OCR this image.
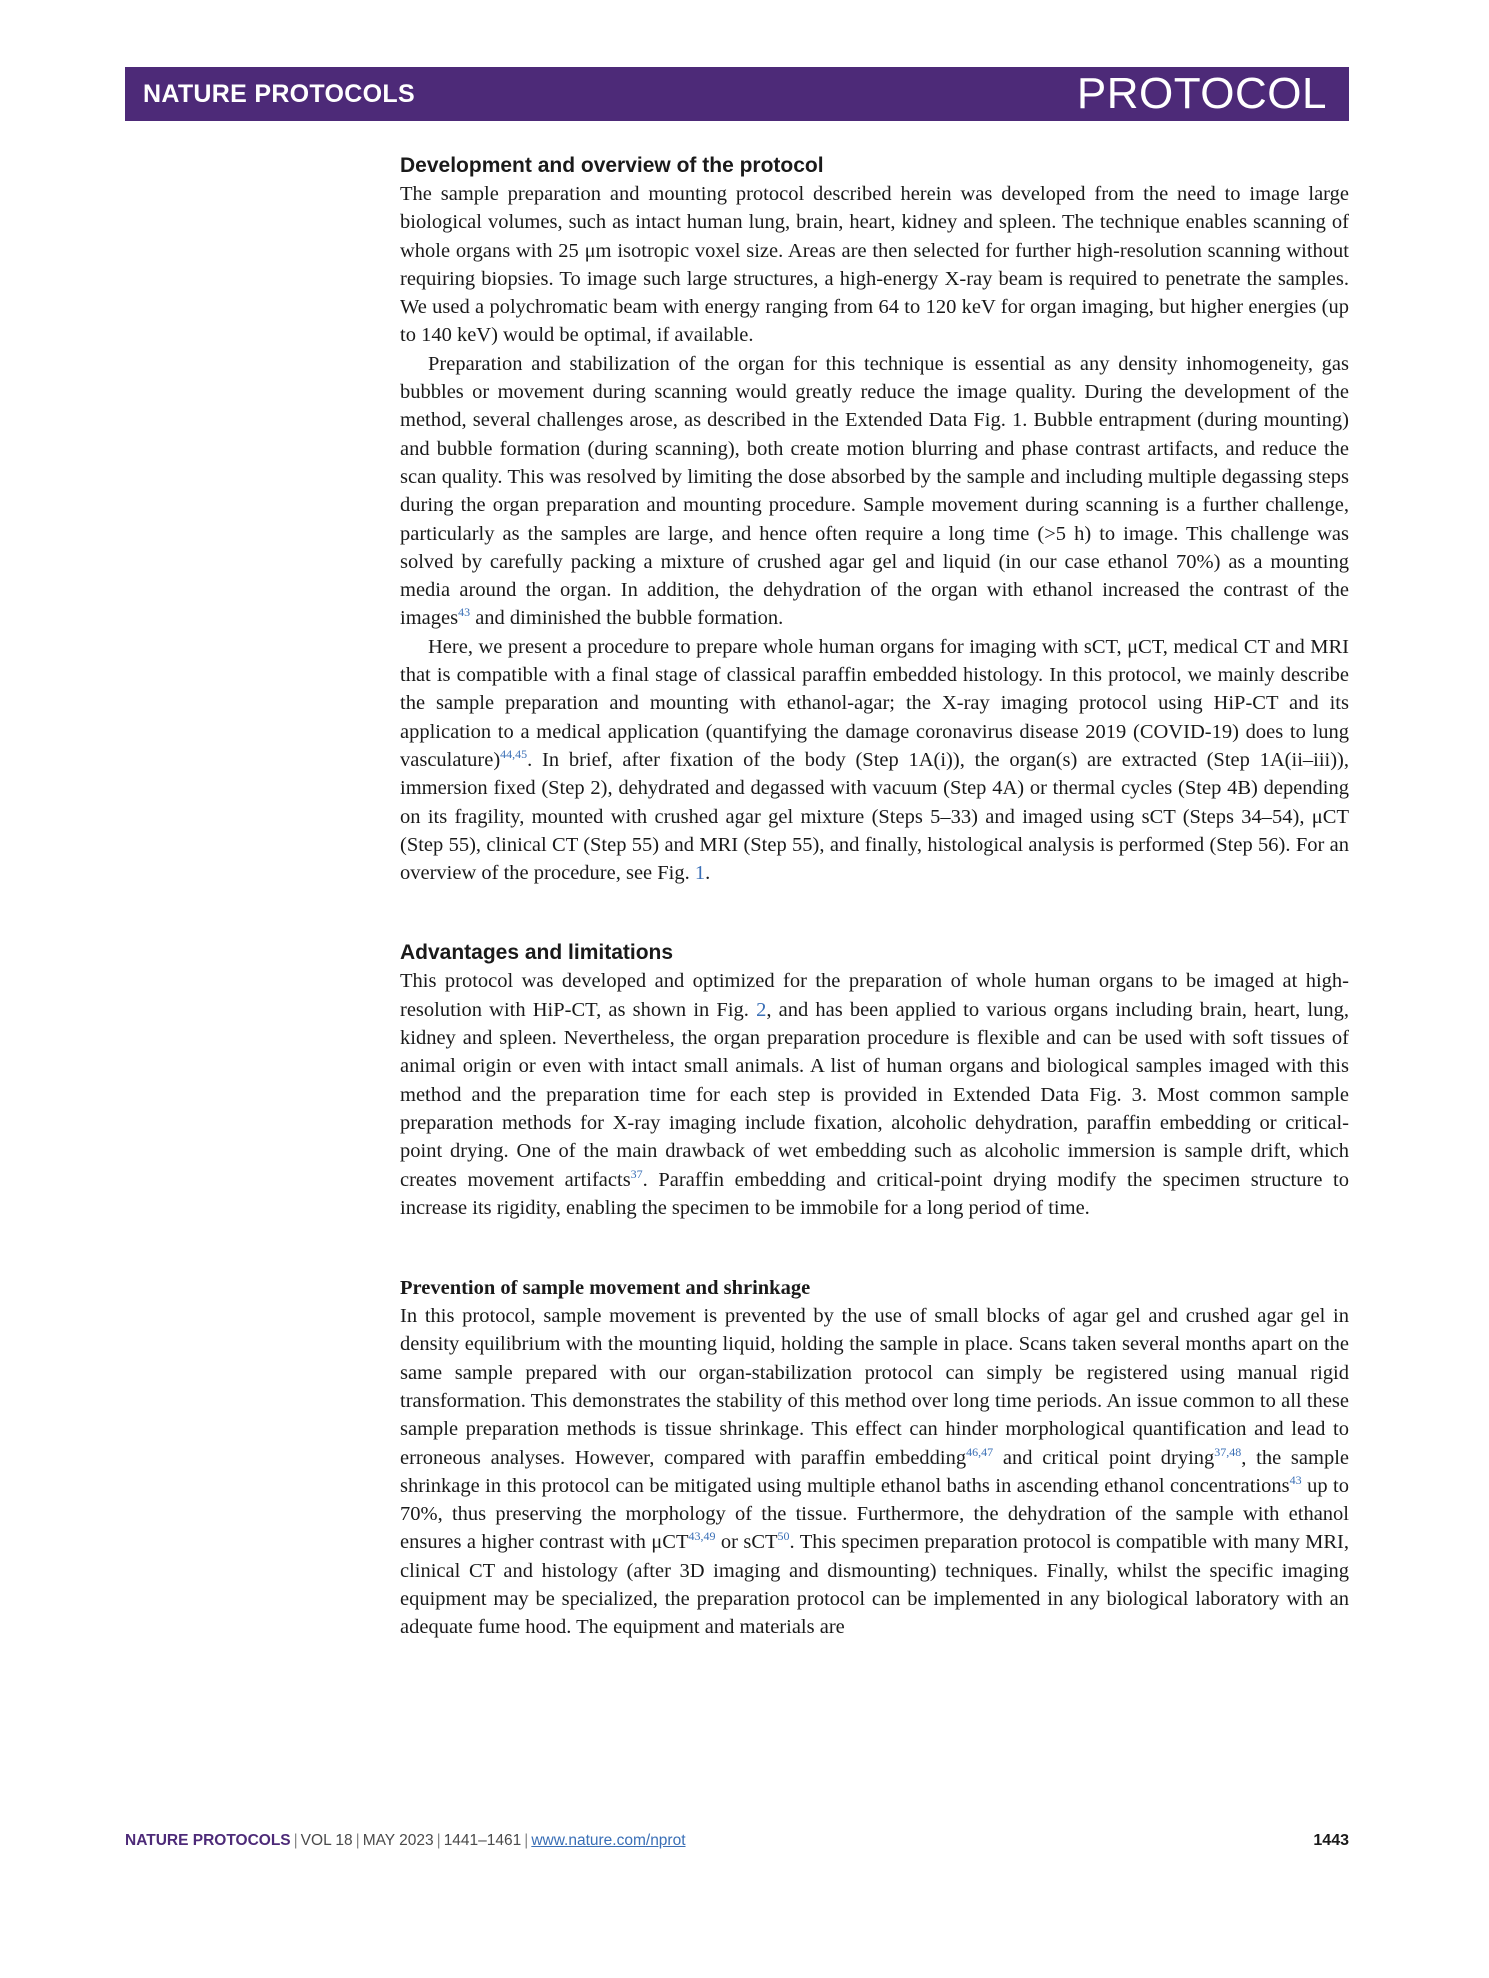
NATURE PROTOCOLS	PROTOCOL
Development and overview of the protocol

The sample preparation and mounting protocol described herein was developed from the need to image large biological volumes, such as intact human lung, brain, heart, kidney and spleen. The technique enables scanning of whole organs with 25 μm isotropic voxel size. Areas are then selected for further high-resolution scanning without requiring biopsies. To image such large structures, a high-energy X-ray beam is required to penetrate the samples. We used a polychromatic beam with energy ranging from 64 to 120 keV for organ imaging, but higher energies (up to 140 keV) would be optimal, if available.

Preparation and stabilization of the organ for this technique is essential as any density inhomogeneity, gas bubbles or movement during scanning would greatly reduce the image quality. During the development of the method, several challenges arose, as described in the Extended Data Fig. 1. Bubble entrapment (during mounting) and bubble formation (during scanning), both create motion blurring and phase contrast artifacts, and reduce the scan quality. This was resolved by limiting the dose absorbed by the sample and including multiple degassing steps during the organ preparation and mounting procedure. Sample movement during scanning is a further challenge, particularly as the samples are large, and hence often require a long time (>5 h) to image. This challenge was solved by carefully packing a mixture of crushed agar gel and liquid (in our case ethanol 70%) as a mounting media around the organ. In addition, the dehydration of the organ with ethanol increased the contrast of the images$^{43}$ and diminished the bubble formation.

Here, we present a procedure to prepare whole human organs for imaging with sCT, μCT, medical CT and MRI that is compatible with a final stage of classical paraffin embedded histology. In this protocol, we mainly describe the sample preparation and mounting with ethanol-agar; the X-ray imaging protocol using HiP-CT and its application to a medical application (quantifying the damage coronavirus disease 2019 (COVID-19) does to lung vasculature)$^{44,45}$. In brief, after fixation of the body (Step 1A(i)), the organ(s) are extracted (Step 1A(ii–iii)), immersion fixed (Step 2), dehydrated and degassed with vacuum (Step 4A) or thermal cycles (Step 4B) depending on its fragility, mounted with crushed agar gel mixture (Steps 5–33) and imaged using sCT (Steps 34–54), μCT (Step 55), clinical CT (Step 55) and MRI (Step 55), and finally, histological analysis is performed (Step 56). For an overview of the procedure, see Fig. 1.

Advantages and limitations

This protocol was developed and optimized for the preparation of whole human organs to be imaged at high-resolution with HiP-CT, as shown in Fig. 2, and has been applied to various organs including brain, heart, lung, kidney and spleen. Nevertheless, the organ preparation procedure is flexible and can be used with soft tissues of animal origin or even with intact small animals. A list of human organs and biological samples imaged with this method and the preparation time for each step is provided in Extended Data Fig. 3. Most common sample preparation methods for X-ray imaging include fixation, alcoholic dehydration, paraffin embedding or critical-point drying. One of the main drawback of wet embedding such as alcoholic immersion is sample drift, which creates movement artifacts$^{37}$. Paraffin embedding and critical-point drying modify the specimen structure to increase its rigidity, enabling the specimen to be immobile for a long period of time.

Prevention of sample movement and shrinkage

In this protocol, sample movement is prevented by the use of small blocks of agar gel and crushed agar gel in density equilibrium with the mounting liquid, holding the sample in place. Scans taken several months apart on the same sample prepared with our organ-stabilization protocol can simply be registered using manual rigid transformation. This demonstrates the stability of this method over long time periods. An issue common to all these sample preparation methods is tissue shrinkage. This effect can hinder morphological quantification and lead to erroneous analyses. However, compared with paraffin embedding$^{46,47}$ and critical point drying$^{37,48}$, the sample shrinkage in this protocol can be mitigated using multiple ethanol baths in ascending ethanol concentrations$^{43}$ up to 70%, thus preserving the morphology of the tissue. Furthermore, the dehydration of the sample with ethanol ensures a higher contrast with μCT$^{43,49}$ or sCT$^{50}$. This specimen preparation protocol is compatible with many MRI, clinical CT and histology (after 3D imaging and dismounting) techniques. Finally, whilst the specific imaging equipment may be specialized, the preparation protocol can be implemented in any biological laboratory with an adequate fume hood. The equipment and materials are

NATURE PROTOCOLS | VOL 18 | MAY 2023 | 1441–1461 | www.nature.com/nprot	1443
